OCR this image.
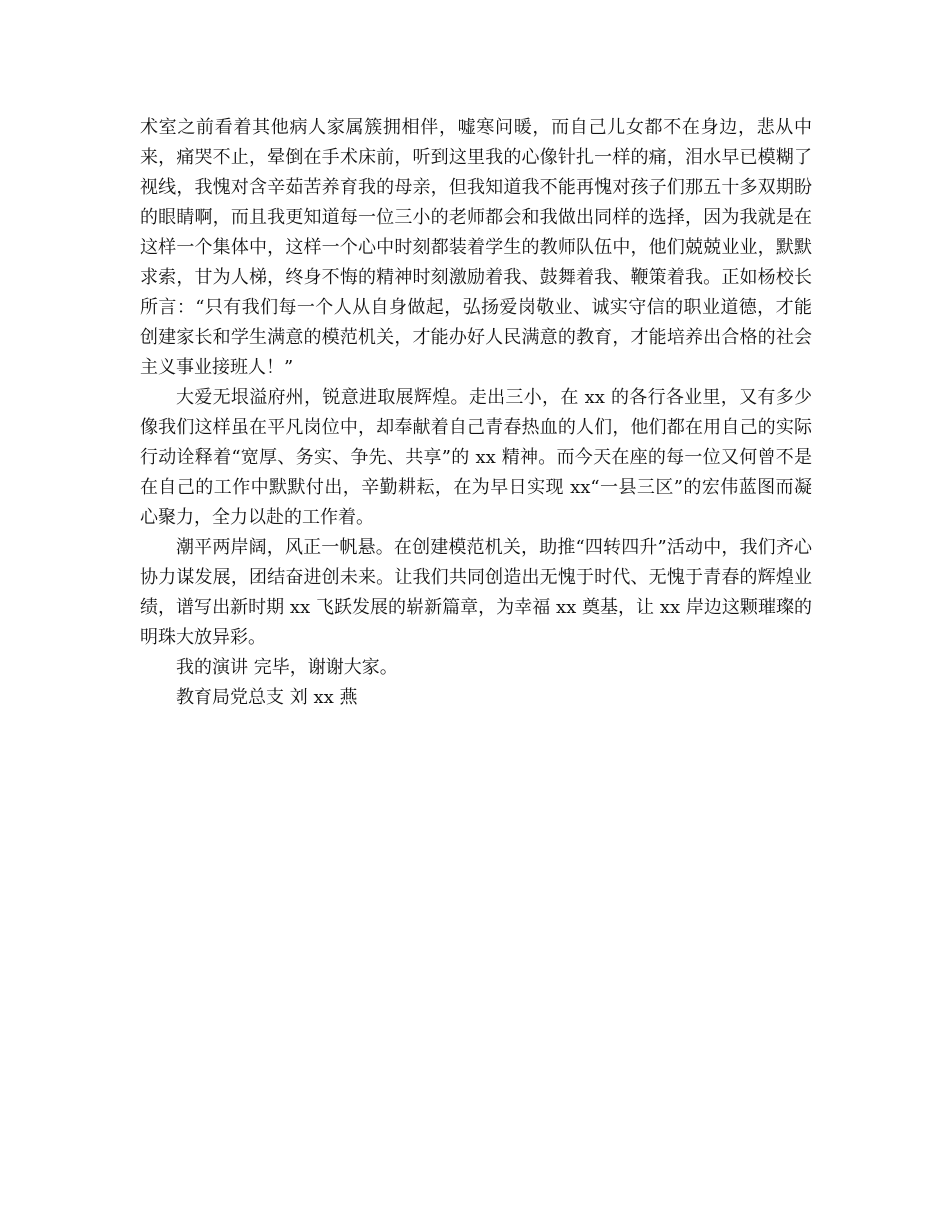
术室之前看着其他病人家属簇拥相伴，嘘寒问暖，而自己儿女都不在身边，悲从中来，痛哭不止，晕倒在手术床前，听到这里我的心像针扎一样的痛，泪水早已模糊了视线，我愧对含辛茹苦养育我的母亲，但我知道我不能再愧对孩子们那五十多双期盼的眼睛啊，而且我更知道每一位三小的老师都会和我做出同样的选择，因为我就是在这样一个集体中，这样一个心中时刻都装着学生的教师队伍中，他们兢兢业业，默默求索，甘为人梯，终身不悔的精神时刻激励着我、鼓舞着我、鞭策着我。正如杨校长所言：“只有我们每一个人从自身做起，弘扬爱岗敬业、诚实守信的职业道德，才能创建家长和学生满意的模范机关，才能办好人民满意的教育，才能培养出合格的社会主义事业接班人！”

大爱无垠溢府州，锐意进取展辉煌。走出三小，在 xx 的各行各业里，又有多少像我们这样虽在平凡岗位中，却奉献着自己青春热血的人们，他们都在用自己的实际行动诠释着“宽厚、务实、争先、共享”的 xx 精神。而今天在座的每一位又何曾不是在自己的工作中默默付出，辛勤耕耘，在为早日实现 xx“一县三区”的宏伟蓝图而凝心聚力，全力以赴的工作着。

潮平两岸阔，风正一帆悬。在创建模范机关，助推“四转四升”活动中，我们齐心协力谋发展，团结奋进创未来。让我们共同创造出无愧于时代、无愧于青春的辉煌业绩，谱写出新时期 xx 飞跃发展的崭新篇章，为幸福 xx 奠基，让 xx 岸边这颗璀璨的明珠大放异彩。

我的演讲 完毕，谢谢大家。

教育局党总支 刘 xx 燕
